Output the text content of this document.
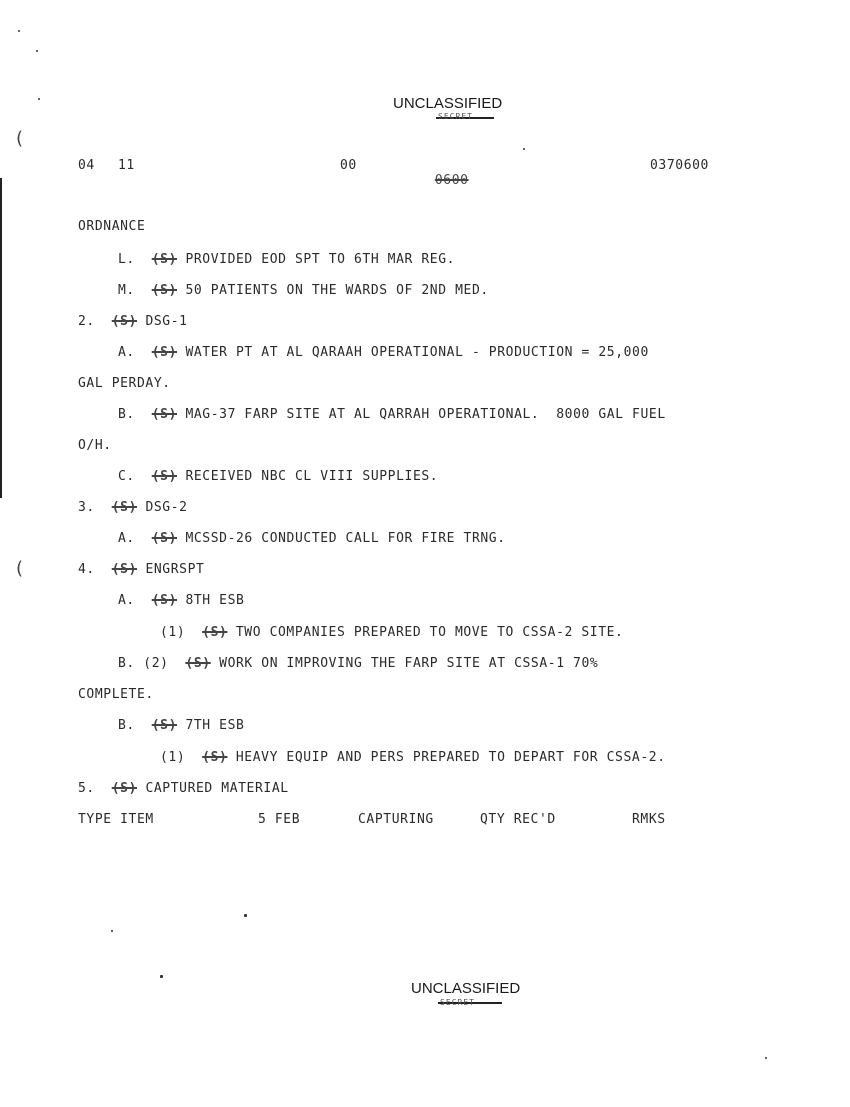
UNCLASSIFIED
SECRET
04 11	00

0600

0370600
ORDNANCE
L. (S) PROVIDED EOD SPT TO 6TH MAR REG.
M. (S) 50 PATIENTS ON THE WARDS OF 2ND MED.
2. (S) DSG-1
A. (S) WATER PT AT AL QARAAH OPERATIONAL - PRODUCTION = 25,000
GAL PERDAY.
B. (S) MAG-37 FARP SITE AT AL QARRAH OPERATIONAL.  8000 GAL FUEL
O/H.
C. (S) RECEIVED NBC CL VIII SUPPLIES.
3. (S) DSG-2
A. (S) MCSSD-26 CONDUCTED CALL FOR FIRE TRNG.
4. (S) ENGRSPT
A. (S) 8TH ESB
(1) (S) TWO COMPANIES PREPARED TO MOVE TO CSSA-2 SITE.
B. (2) (S) WORK ON IMPROVING THE FARP SITE AT CSSA-1 70%
COMPLETE.
B. (S) 7TH ESB
(1) (S) HEAVY EQUIP AND PERS PREPARED TO DEPART FOR CSSA-2.
5. (S) CAPTURED MATERIAL
TYPE ITEM	5 FEB	CAPTURING	QTY REC'D	RMKS
UNCLASSIFIED
SECRET
(
(
